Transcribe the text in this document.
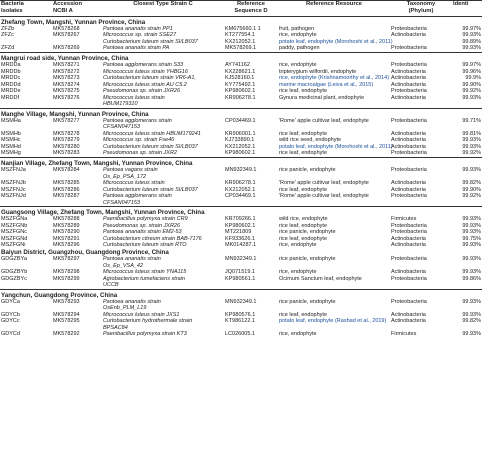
Bacteria
Isolates	Accession
NCBI A	Closest Type Strain C	Reference
Sequence D	Reference Resource	Taxonomy
(Phylum)	Identi
Zhefang Town, Mangshi, Yunnan Province, China						
ZFZb	MK578268	Pantoea ananatis strain PP1	KM675660.1 1	fruit, pathogen	Proteobacteria	99.97%
ZFZc	MK578267	Micrococcus sp. strain SSE27	KT277554.1	rice, endophyte	Actinobacteria	99.93%
		Curtobacterium luteum strain SI/LB037	KX212052.1	potato leaf, endophyte (Morohoshi et al., 2011)		99.89%
ZFZd	MK578269	Pantoea ananatis strain PA	MK578269.1	paddy, pathogen	Proteobacteria	99.93%
Mangrui road side, Yunnan Province, China						
MRDDa	MK578271	Pantoea agglomerans strain S33	AY741162	rice, endophyte	Proteobacteria	99.97%
MRDDb	MK578272	Micrococcus luteus strain YHBG16	KX228621.1	tripterygium wilfordii, endophyte	Actinobacteria	99.96%
MRDDc	MK578273	Curtobacterium luteum strain VR6-A1,	KJ528160.1	rice, endophyte (Krishnamoorthy et al., 2014)	Actinobacteria	99.9%
MRDDd	MK578274	Micrococcus luteus strain AU C5.2	KY775492.1	marine macroalgae (Leiva et al., 2015)	Actinobacteria	99.90%
MRDDe	MK578275	Pseudomonas sp. strain JXR26	KP980602.1	rice leaf, endophyte	Proteobacteria	99.92%
MRDDf	MK578276	Micrococcus luteus strain	KR906278.1	Gynura medicinal plant, endophyte	Actinobacteria	99.93%
		HBUM179310				
Manghe Village, Mangshi, Yunnan Province, China						
MSMHa	MK578277	Pantoea agglomerans strain	CP034469.1	'Rome' apple cultivar leaf, endophyte	Proteobacteria	99.71%
		CFSAN047153				
MSMHb	MK578278	Micrococcus luteus strain HBUM179241	KR906001.1	rice leaf, endophyte	Actinobacteria	99.81%
MSMHc	MK578279	Micrococcus sp. strain Fse46	KJ733890.1	wild rice seed, endophyte	Actinobacteria	99.93%
MSMHd	MK578280	Curtobacterium luteum strain SI/LB037	KX212052.1	potato leaf, endophyte (Morohoshi et al., 2011)	Actinobacteria	99.93%
MSMHg	MK578283	Pseudomonas sp. strain JXR2	KP980602.1	rice leaf, endophyte	Proteobacteria	99.92%
Nanjian Village, Zhefang Town, Mangshi, Yunnan Province, China						
MSZFNJa	MK578284	Pantoea vagans strain	MN932349.1	rice panicle, endophyte	Proteobacteria	99.93%
		Os_Ep_PSA_172				
MSZFNJb	MK578285	Micrococcus luteus strain	KR906278.1	'Rome' apple cultivar leaf, endophyte	Actinobacteria	99.82%
MSZFNJc	MK578286	Curtobacterium luteum strain SI/LB037	KX212052.1	rice leaf, endophyte	Actinobacteria	99.90%
MSZFNJd	MK578287	Pantoea agglomerans strain	CP034469.1	'Rome' apple cultivar leaf, endophyte	Proteobacteria	99.92%
		CFSAN047153				
Guangsong Village, Zhefang Town, Mangshi, Yunnan Province, China						
MSZFGNa	MK578288	Paenibacillus polymyxa strain CR9	KR709266.1	wild rice, endophyte	Firmicutes	99.93%
MSZFGNb	MK578289	Pseudomonas sp. strain JXR26	KP980602.1	rice leaf, endophyte	Proteobacteria	99.93%
MSZFGNc	MK578290	Pantoea ananatis strain EM2-53	MT221809	rice panicle, endophyte	Proteobacteria	99.93%
MSZFGNd	MK578291	Curtobacterium citreum strain BAB-7176	KF933626.1	rice leaf, endophyte	Actinobacteria	99.75%
MSZFGNi	MK578296	Curtobacterium luteum strain RTO	MK014287.1	rice, endophyte	Actinobacteria	99.93%
Baiyun District, Guangzhou, Guangdong Province, China						
GDGZBYa	MK578297	Pantoea ananatis strain	MN932349.1	rice panicle, endophyte	Proteobacteria	99.93%
		Os_Ep_VSA_42				
GDGZBYb	MK578298	Micrococcus luteus strain YNA115	JQ071519.1	rice, endophyte	Actinobacteria	99.93%
GDGZBYc	MK578299	Agrobacterium tumefaciens strain	KP980561.1	Ocimum Sanctum leaf, endophyte	Proteobacteria	99.86%
		UCCB				
Yangchun, Guangdong Province, China						
GDYCa	MK578293	Pantoea ananatis strain	MN932349.1	rice panicle, endophyte	Proteobacteria	99.93%
		OsEnb_PLM_L19				
GDYCb	MK578294	Micrococcus luteus strain JXS1	KP980576.1	rice leaf, endophyte	Actinobacteria	99.93%
GDYCc	MK578295	Curtobacterium hydrothermale strain	KT986122.1	potato leaf, endophyte (Rashad et al., 2019)	Actinobacteria	99.82%
		BPSAC84				
GDYCd	MK578292	Paenibacillus polymyxa strain KT3	LC026005.1	rice, endophyte	Firmicutes	99.93%
